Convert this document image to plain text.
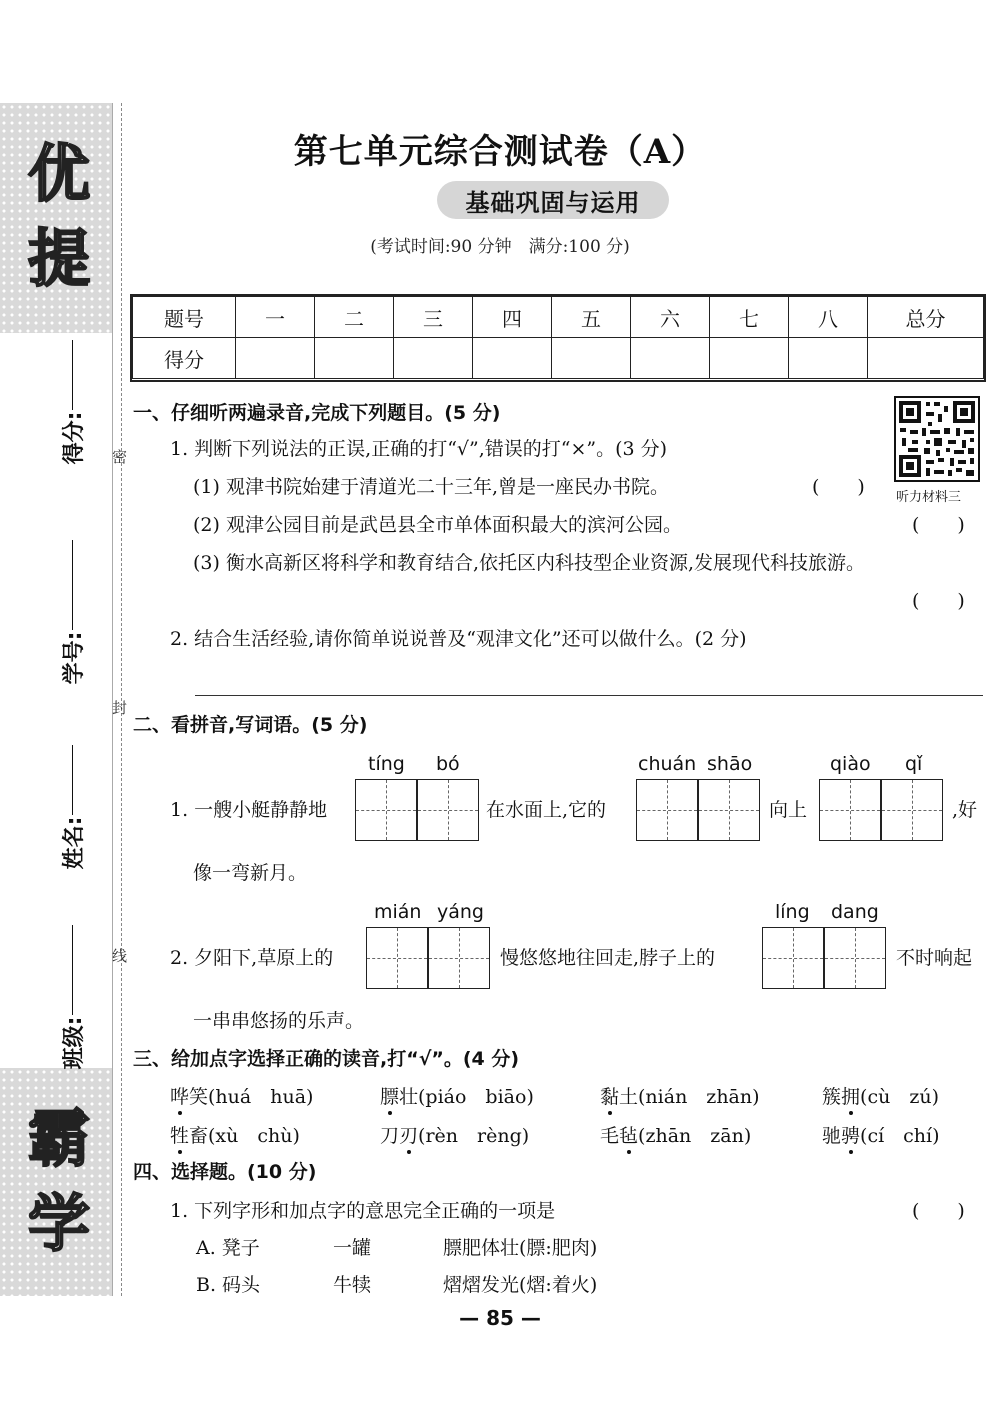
优
提
霸
学
得分:
学号:
姓名:
班级:
密
封
线
第七单元综合测试卷（A）
基础巩固与运用
(考试时间:90 分钟　满分:100 分)
题号	一	二	三	四	五	六	七	八	总分
得分									
听力材料三
一、仔细听两遍录音,完成下列题目。(5 分)
1. 判断下列说法的正误,正确的打“√”,错误的打“×”。(3 分)
(1) 观津书院始建于清道光二十三年,曾是一座民办书院。	(　　)
(2) 观津公园目前是武邑县全市单体面积最大的滨河公园。	(　　)
(3) 衡水高新区将科学和教育结合,依托区内科技型企业资源,发展现代科技旅游。
(　　)
2. 结合生活经验,请你简单说说普及“观津文化”还可以做什么。(2 分)
二、看拼音,写词语。(5 分)
tíng bó	chuán shāo	qiào qǐ
1. 一艘小艇静静地	在水面上,它的	向上	,好
像一弯新月。
mián yáng	líng dang
2. 夕阳下,草原上的	慢悠悠地往回走,脖子上的	不时响起
一串串悠扬的乐声。
三、给加点字选择正确的读音,打“√”。(4 分)
哗笑(huá　huā)	膘壮(piáo　biāo)	黏土(nián　zhān)	簇拥(cù　zú)
牲畜(xù　chù)	刀刃(rèn　rèng)	毛毡(zhān　zān)	驰骋(cí　chí)
四、选择题。(10 分)
1. 下列字形和加点字的意思完全正确的一项是	(　　)
A. 凳子	一罐	膘肥体壮(膘:肥肉)
B. 码头	牛犊	熠熠发光(熠:着火)
— 85 —
